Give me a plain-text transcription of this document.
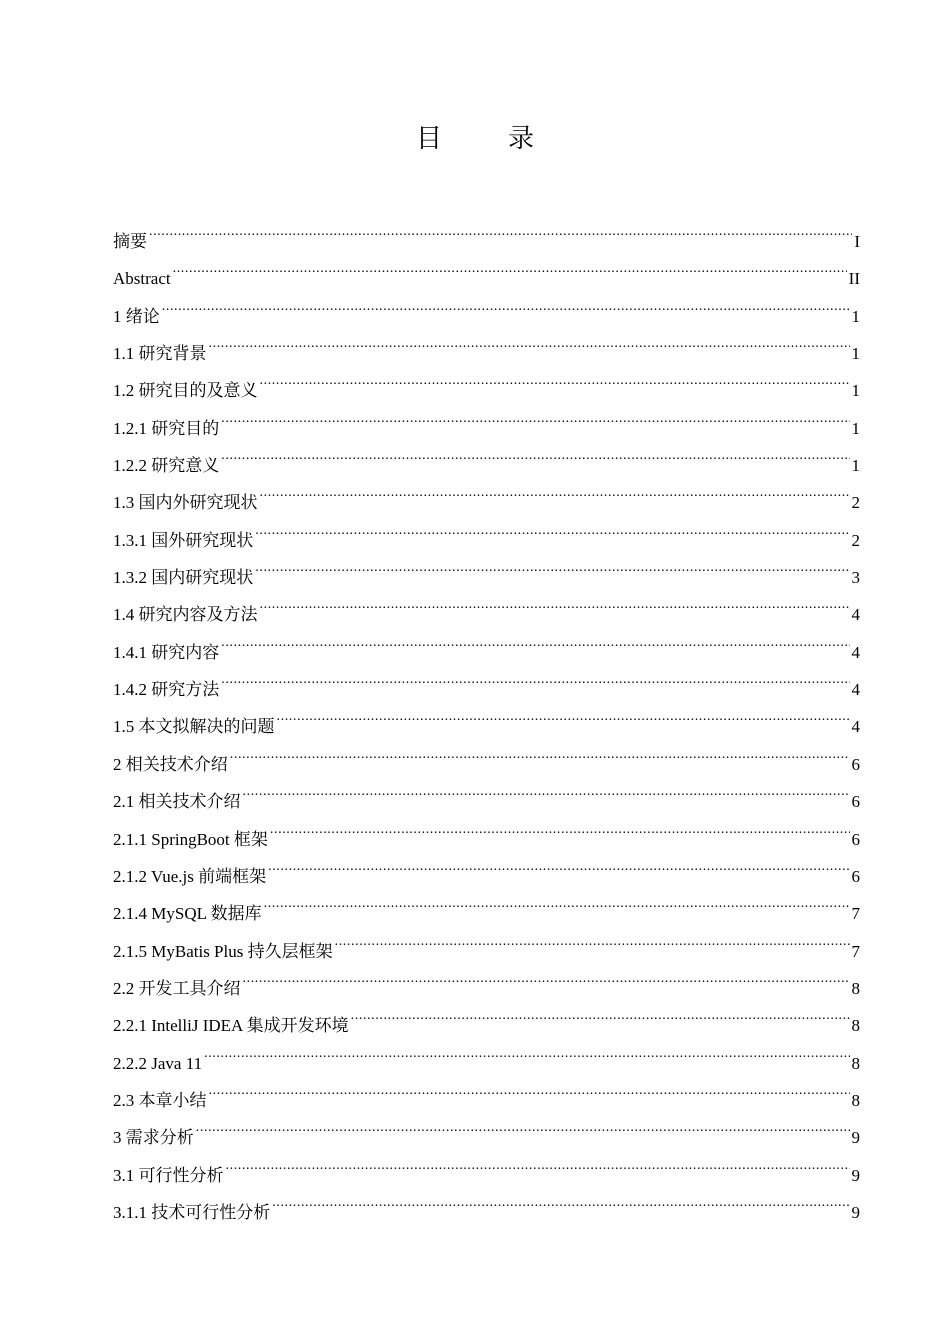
目　录
摘要 .....	I
Abstract .....	II
1 绪论 .....	1
1.1 研究背景 .....	1
1.2 研究目的及意义 .....	1
1.2.1 研究目的 .....	1
1.2.2 研究意义 .....	1
1.3 国内外研究现状 .....	2
1.3.1 国外研究现状 .....	2
1.3.2 国内研究现状 .....	3
1.4 研究内容及方法 .....	4
1.4.1 研究内容 .....	4
1.4.2 研究方法 .....	4
1.5 本文拟解决的问题 .....	4
2 相关技术介绍 .....	6
2.1 相关技术介绍 .....	6
2.1.1 SpringBoot 框架 .....	6
2.1.2 Vue.js 前端框架 .....	6
2.1.4 MySQL 数据库 .....	7
2.1.5 MyBatis Plus 持久层框架 .....	7
2.2 开发工具介绍 .....	8
2.2.1 IntelliJ IDEA 集成开发环境 .....	8
2.2.2 Java 11 .....	8
2.3 本章小结 .....	8
3 需求分析 .....	9
3.1 可行性分析 .....	9
3.1.1 技术可行性分析 .....	9
